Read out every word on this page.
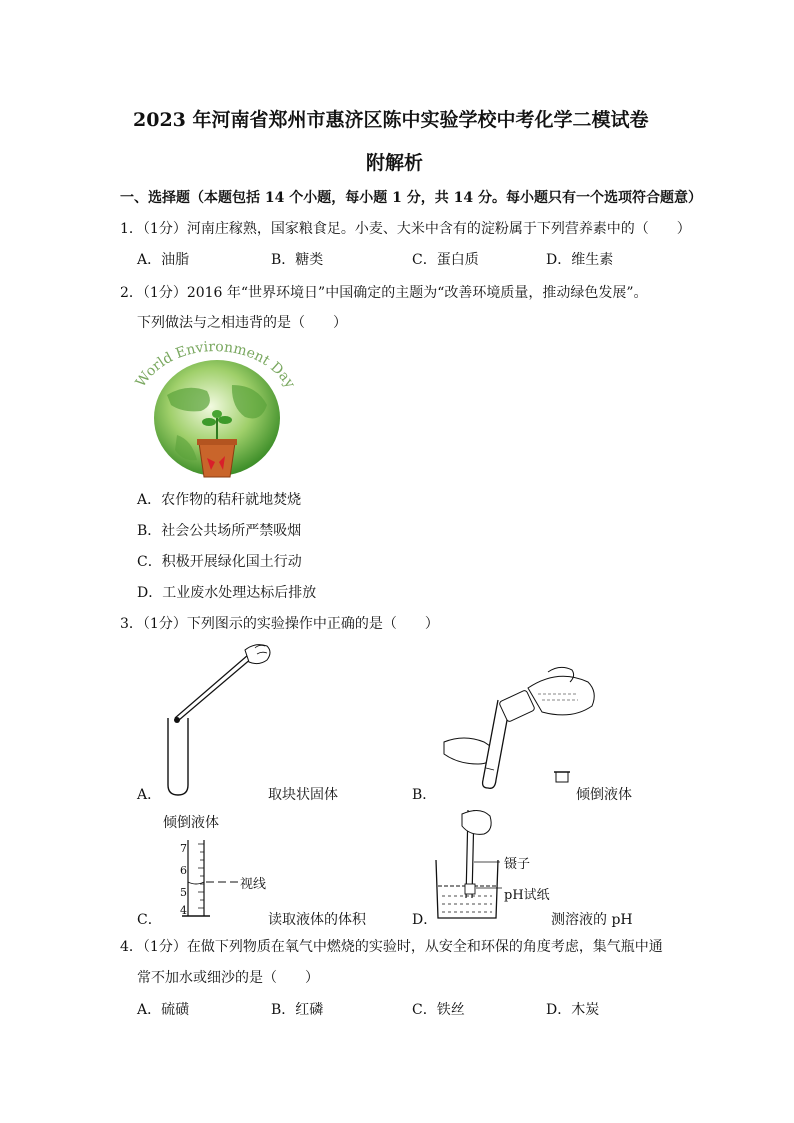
2023 年河南省郑州市惠济区陈中实验学校中考化学二模试卷
附解析
一、选择题（本题包括 14 个小题，每小题 1 分，共 14 分。每小题只有一个选项符合题意）
1．（1分）河南庄稼熟，国家粮食足。小麦、大米中含有的淀粉属于下列营养素中的（　　）
A．油脂	B．糖类	C．蛋白质	D．维生素
2．（1分）2016 年“世界环境日”中国确定的主题为“改善环境质量，推动绿色发展”。
下列做法与之相违背的是（　　）
World Environment Day
A．农作物的秸秆就地焚烧
B．社会公共场所严禁吸烟
C．积极开展绿化国土行动
D．工业废水处理达标后排放
3．（1分）下列图示的实验操作中正确的是（　　）
A．	取块状固体	B．	倾倒液体
倾倒液体
7
6
5
4
视线
C．	读取液体的体积
镊子
pH试纸
D．	测溶液的 pH
4．（1分）在做下列物质在氧气中燃烧的实验时，从安全和环保的角度考虑，集气瓶中通
常不加水或细沙的是（　　）
A．硫磺	B．红磷	C．铁丝	D．木炭
